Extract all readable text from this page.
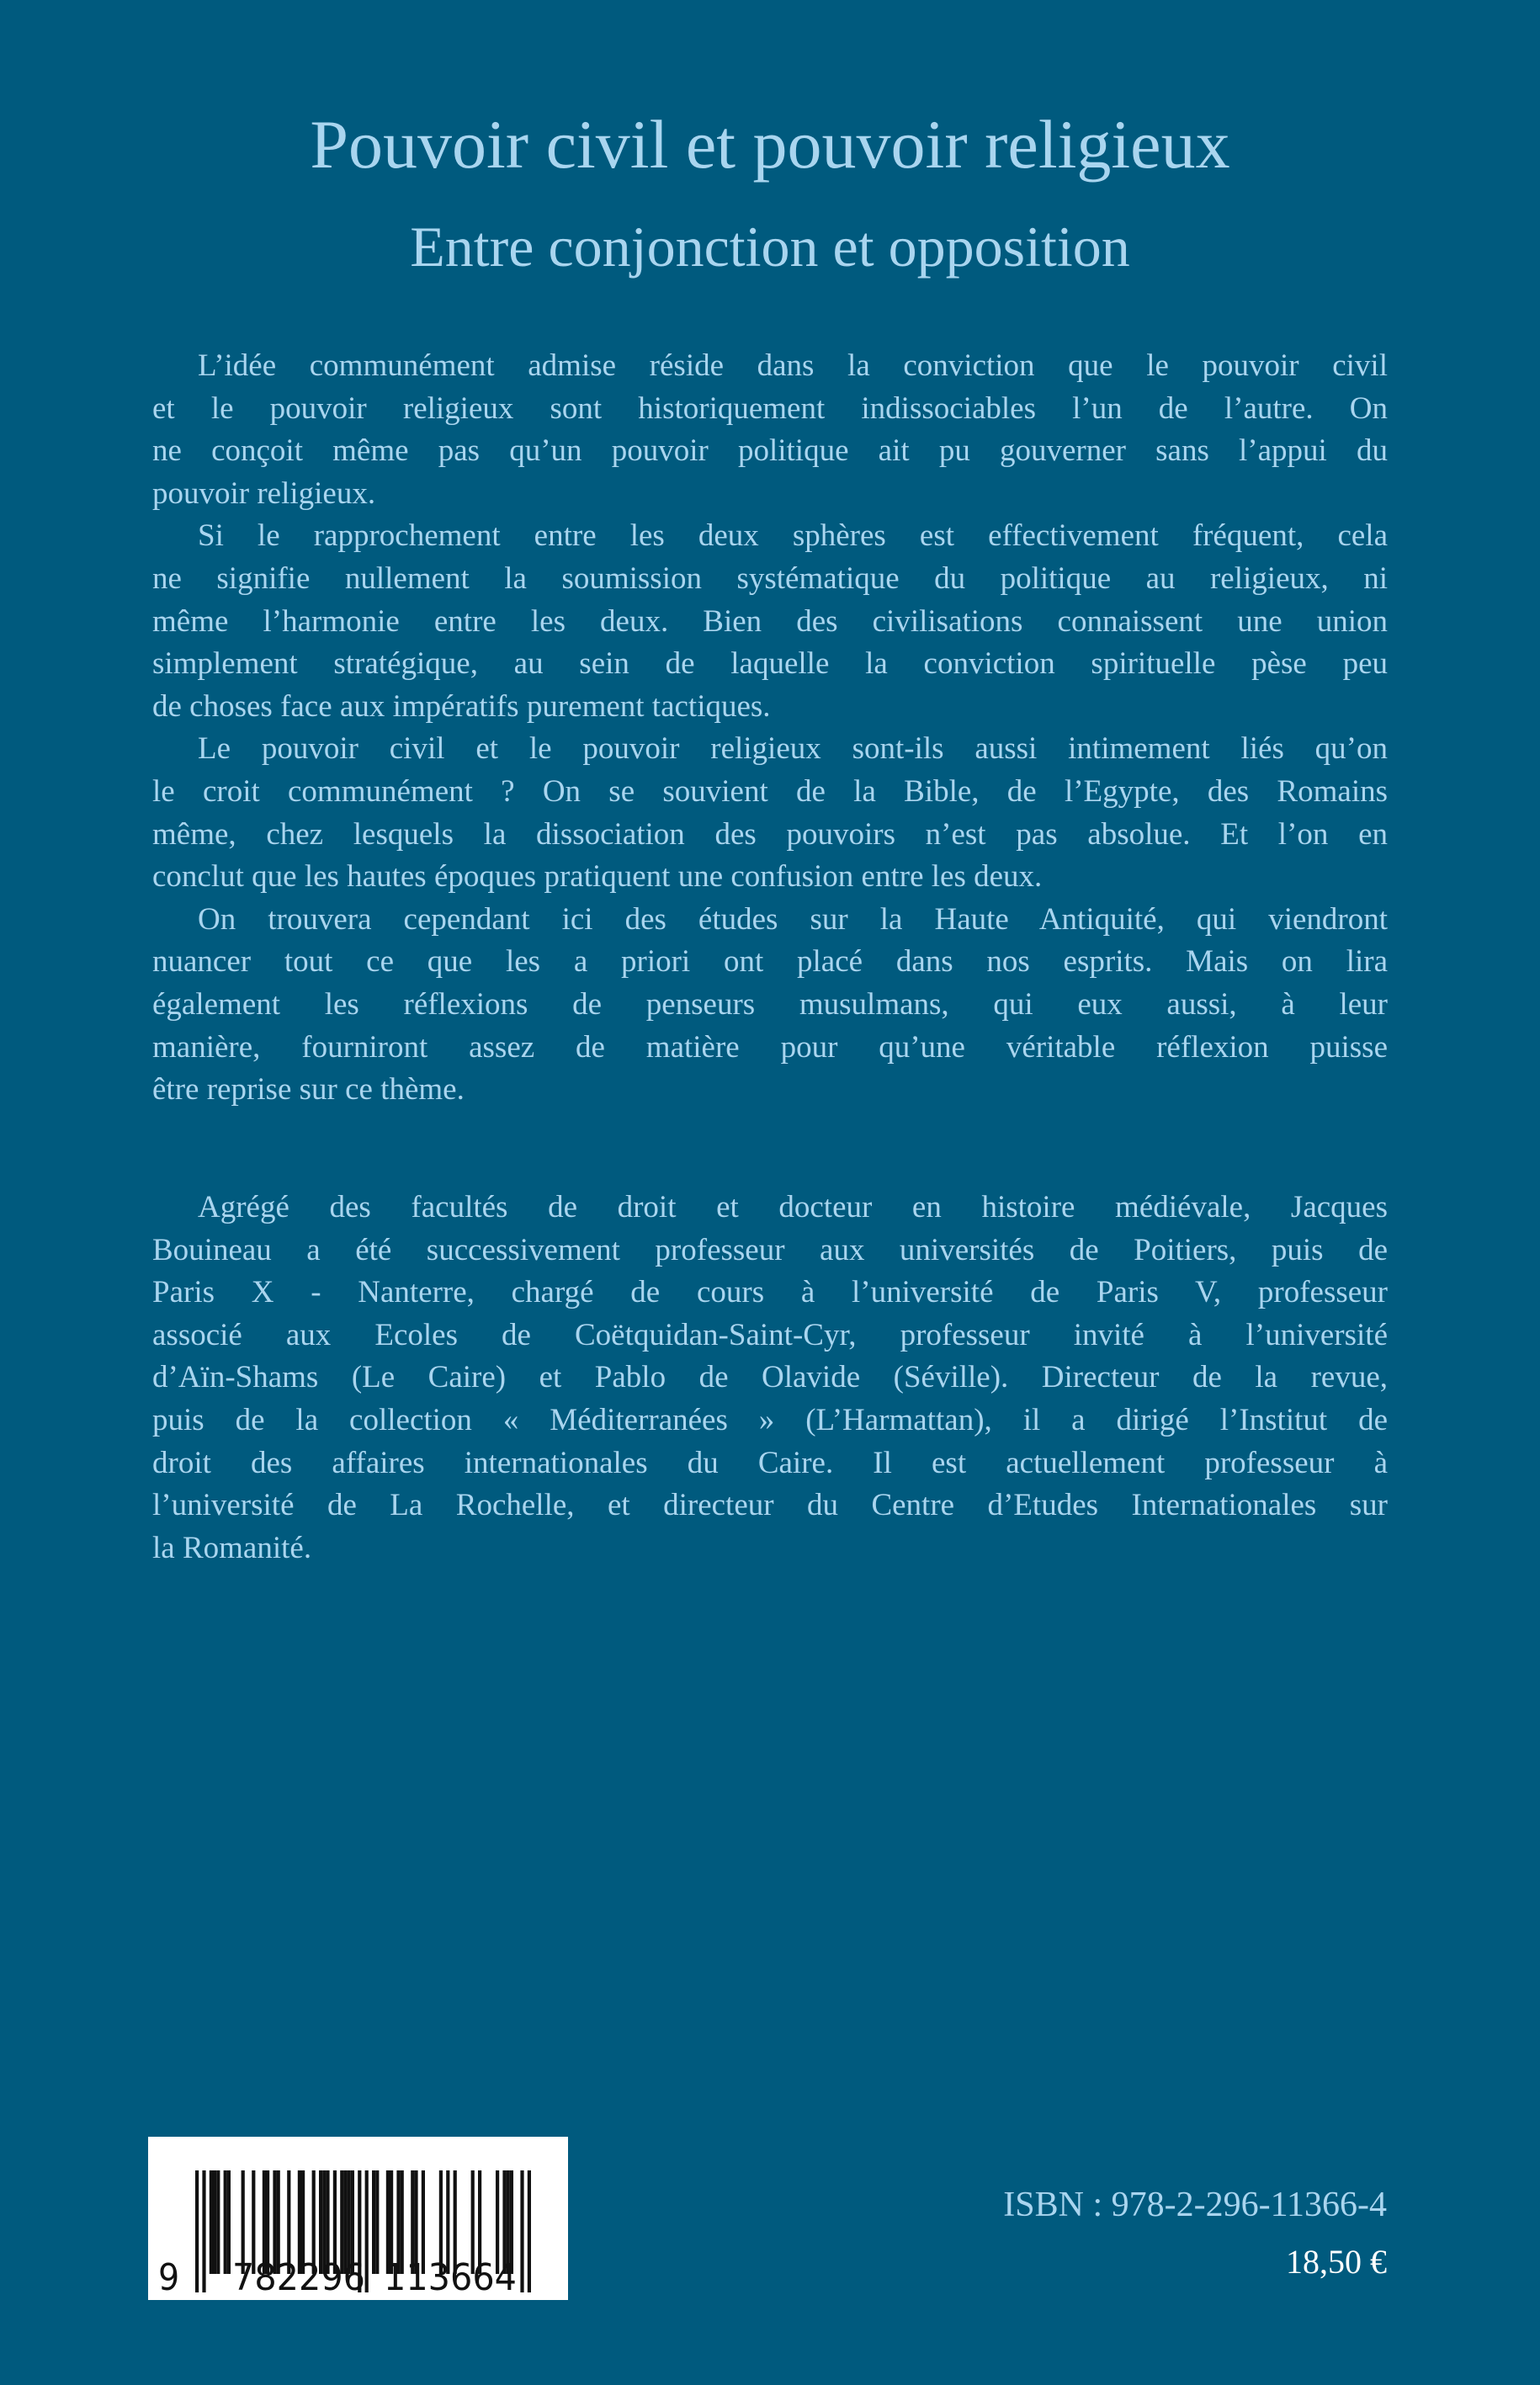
Pouvoir civil et pouvoir religieux
Entre conjonction et opposition
L’idée communément admise réside dans la conviction que le pouvoir civil
et le pouvoir religieux sont historiquement indissociables l’un de l’autre. On
ne conçoit même pas qu’un pouvoir politique ait pu gouverner sans l’appui du
pouvoir religieux.
Si le rapprochement entre les deux sphères est effectivement fréquent, cela
ne signifie nullement la soumission systématique du politique au religieux, ni
même l’harmonie entre les deux. Bien des civilisations connaissent une union
simplement stratégique, au sein de laquelle la conviction spirituelle pèse peu
de choses face aux impératifs purement tactiques.
Le pouvoir civil et le pouvoir religieux sont-ils aussi intimement liés qu’on
le croit communément ? On se souvient de la Bible, de l’Egypte, des Romains
même, chez lesquels la dissociation des pouvoirs n’est pas absolue. Et l’on en
conclut que les hautes époques pratiquent une confusion entre les deux.
On trouvera cependant ici des études sur la Haute Antiquité, qui viendront
nuancer tout ce que les a priori ont placé dans nos esprits. Mais on lira
également les réflexions de penseurs musulmans, qui eux aussi, à leur
manière, fourniront assez de matière pour qu’une véritable réflexion puisse
être reprise sur ce thème.
Agrégé des facultés de droit et docteur en histoire médiévale, Jacques
Bouineau a été successivement professeur aux universités de Poitiers, puis de
Paris X - Nanterre, chargé de cours à l’université de Paris V, professeur
associé aux Ecoles de Coëtquidan-Saint-Cyr, professeur invité à l’université
d’Aïn-Shams (Le Caire) et Pablo de Olavide (Séville). Directeur de la revue,
puis de la collection « Méditerranées » (L’Harmattan), il a dirigé l’Institut de
droit des affaires internationales du Caire. Il est actuellement professeur à
l’université de La Rochelle, et directeur du Centre d’Etudes Internationales sur
la Romanité.
9 782296 113664
ISBN : 978-2-296-11366-4
18,50 €
